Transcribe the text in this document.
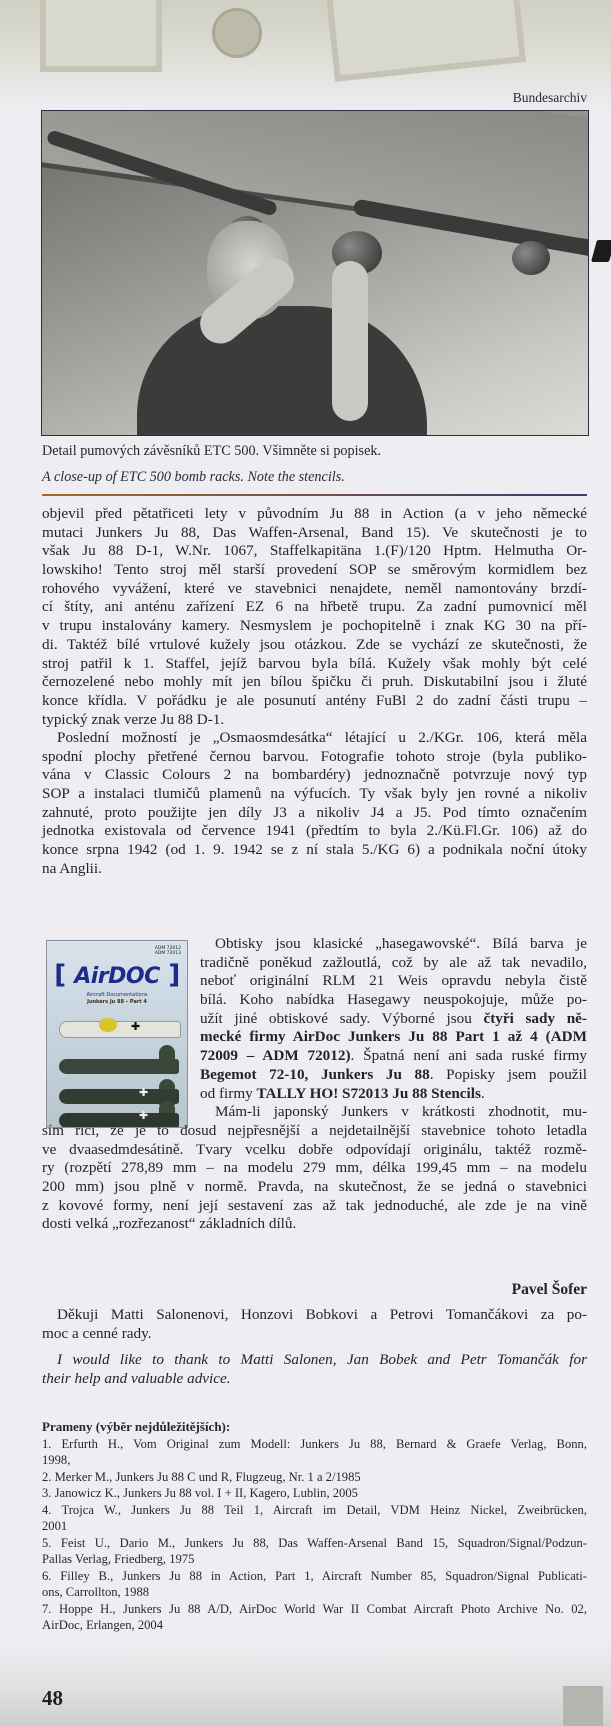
Bundesarchiv
Detail pumových závěsníků ETC 500. Všimněte si popisek.
A close-up of ETC 500 bomb racks. Note the stencils.
objevil před pětatřiceti lety v původním Ju 88 in Action (a v jeho německé
mutaci Junkers Ju 88, Das Waffen-Arsenal, Band 15). Ve skutečnosti je to
však Ju 88 D-1, W.Nr. 1067, Staffelkapitäna 1.(F)/120 Hptm. Helmutha Or-
lowskiho! Tento stroj měl starší provedení SOP se směrovým kormidlem bez
rohového vyvážení, které ve stavebnici nenajdete, neměl namontovány brzdí-
cí štíty, ani anténu zařízení EZ 6 na hřbetě trupu. Za zadní pumovnicí měl
v trupu instalovány kamery. Nesmyslem je pochopitelně i znak KG 30 na pří-
di. Taktéž bílé vrtulové kužely jsou otázkou. Zde se vychází ze skutečnosti, že
stroj patřil k 1. Staffel, jejíž barvou byla bílá. Kužely však mohly být celé
černozelené nebo mohly mít jen bílou špičku či pruh. Diskutabilní jsou i žluté
konce křídla. V pořádku je ale posunutí antény FuBl 2 do zadní části trupu –
typický znak verze Ju 88 D-1.
Poslední možností je „Osmaosmdesátka“ létající u 2./KGr. 106, která měla
spodní plochy přetřené černou barvou. Fotografie tohoto stroje (byla publiko-
vána v Classic Colours 2 na bombardéry) jednoznačně potvrzuje nový typ
SOP a instalaci tlumičů plamenů na výfucích. Ty však byly jen rovné a nikoliv
zahnuté, proto použijte jen díly J3 a nikoliv J4 a J5. Pod tímto označením
jednotka existovala od července 1941 (předtím to byla 2./Kü.Fl.Gr. 106) až do
konce srpna 1942 (od 1. 9. 1942 se z ní stala 5./KG 6) a podnikala noční útoky
na Anglii.
ADM 72012
ADM 72013
[ AirDOC ]
Aircraft Documentations
Junkers Ju 88 – Part 4
✚
✚
✚
Obtisky jsou klasické „hasegawovské“. Bílá barva je
tradičně poněkud zažloutlá, což by ale až tak nevadilo,
neboť originální RLM 21 Weis opravdu nebyla čistě
bílá. Koho nabídka Hasegawy neuspokojuje, může po-
užít jiné obtiskové sady. Výborné jsou čtyři sady ně-
mecké firmy AirDoc Junkers Ju 88 Part 1 až 4 (ADM
72009 – ADM 72012). Špatná není ani sada ruské firmy
Begemot 72-10, Junkers Ju 88. Popisky jsem použil
od firmy TALLY HO! S72013 Ju 88 Stencils.
Mám-li japonský Junkers v krátkosti zhodnotit, mu-
sím říci, že je to dosud nejpřesnější a nejdetailnější stavebnice tohoto letadla
ve dvaasedmdesátině. Tvary vcelku dobře odpovídají originálu, taktéž rozmě-
ry (rozpětí 278,89 mm – na modelu 279 mm, délka 199,45 mm – na modelu
200 mm) jsou plně v normě. Pravda, na skutečnost, že se jedná o stavebnici
z kovové formy, není její sestavení zas až tak jednoduché, ale zde je na vině
dosti velká „rozřezanost“ základních dílů.
Pavel Šofer
Děkuji Matti Salonenovi, Honzovi Bobkovi a Petrovi Tomančákovi za po-
moc a cenné rady.
I would like to thank to Matti Salonen, Jan Bobek and Petr Tomančák for
their help and valuable advice.
Prameny (výběr nejdůležitějších):
1. Erfurth H., Vom Original zum Modell: Junkers Ju 88, Bernard & Graefe Verlag, Bonn,
1998,
2. Merker M., Junkers Ju 88 C und R, Flugzeug, Nr. 1 a 2/1985
3. Janowicz K., Junkers Ju 88 vol. I + II, Kagero, Lublin, 2005
4. Trojca W., Junkers Ju 88 Teil 1, Aircraft im Detail, VDM Heinz Nickel, Zweibrücken,
2001
5. Feist U., Dario M., Junkers Ju 88, Das Waffen-Arsenal Band 15, Squadron/Signal/Podzun-
Pallas Verlag, Friedberg, 1975
6. Filley B., Junkers Ju 88 in Action, Part 1, Aircraft Number 85, Squadron/Signal Publicati-
ons, Carrollton, 1988
7. Hoppe H., Junkers Ju 88 A/D, AirDoc World War II Combat Aircraft Photo Archive No. 02,
AirDoc, Erlangen, 2004
48
